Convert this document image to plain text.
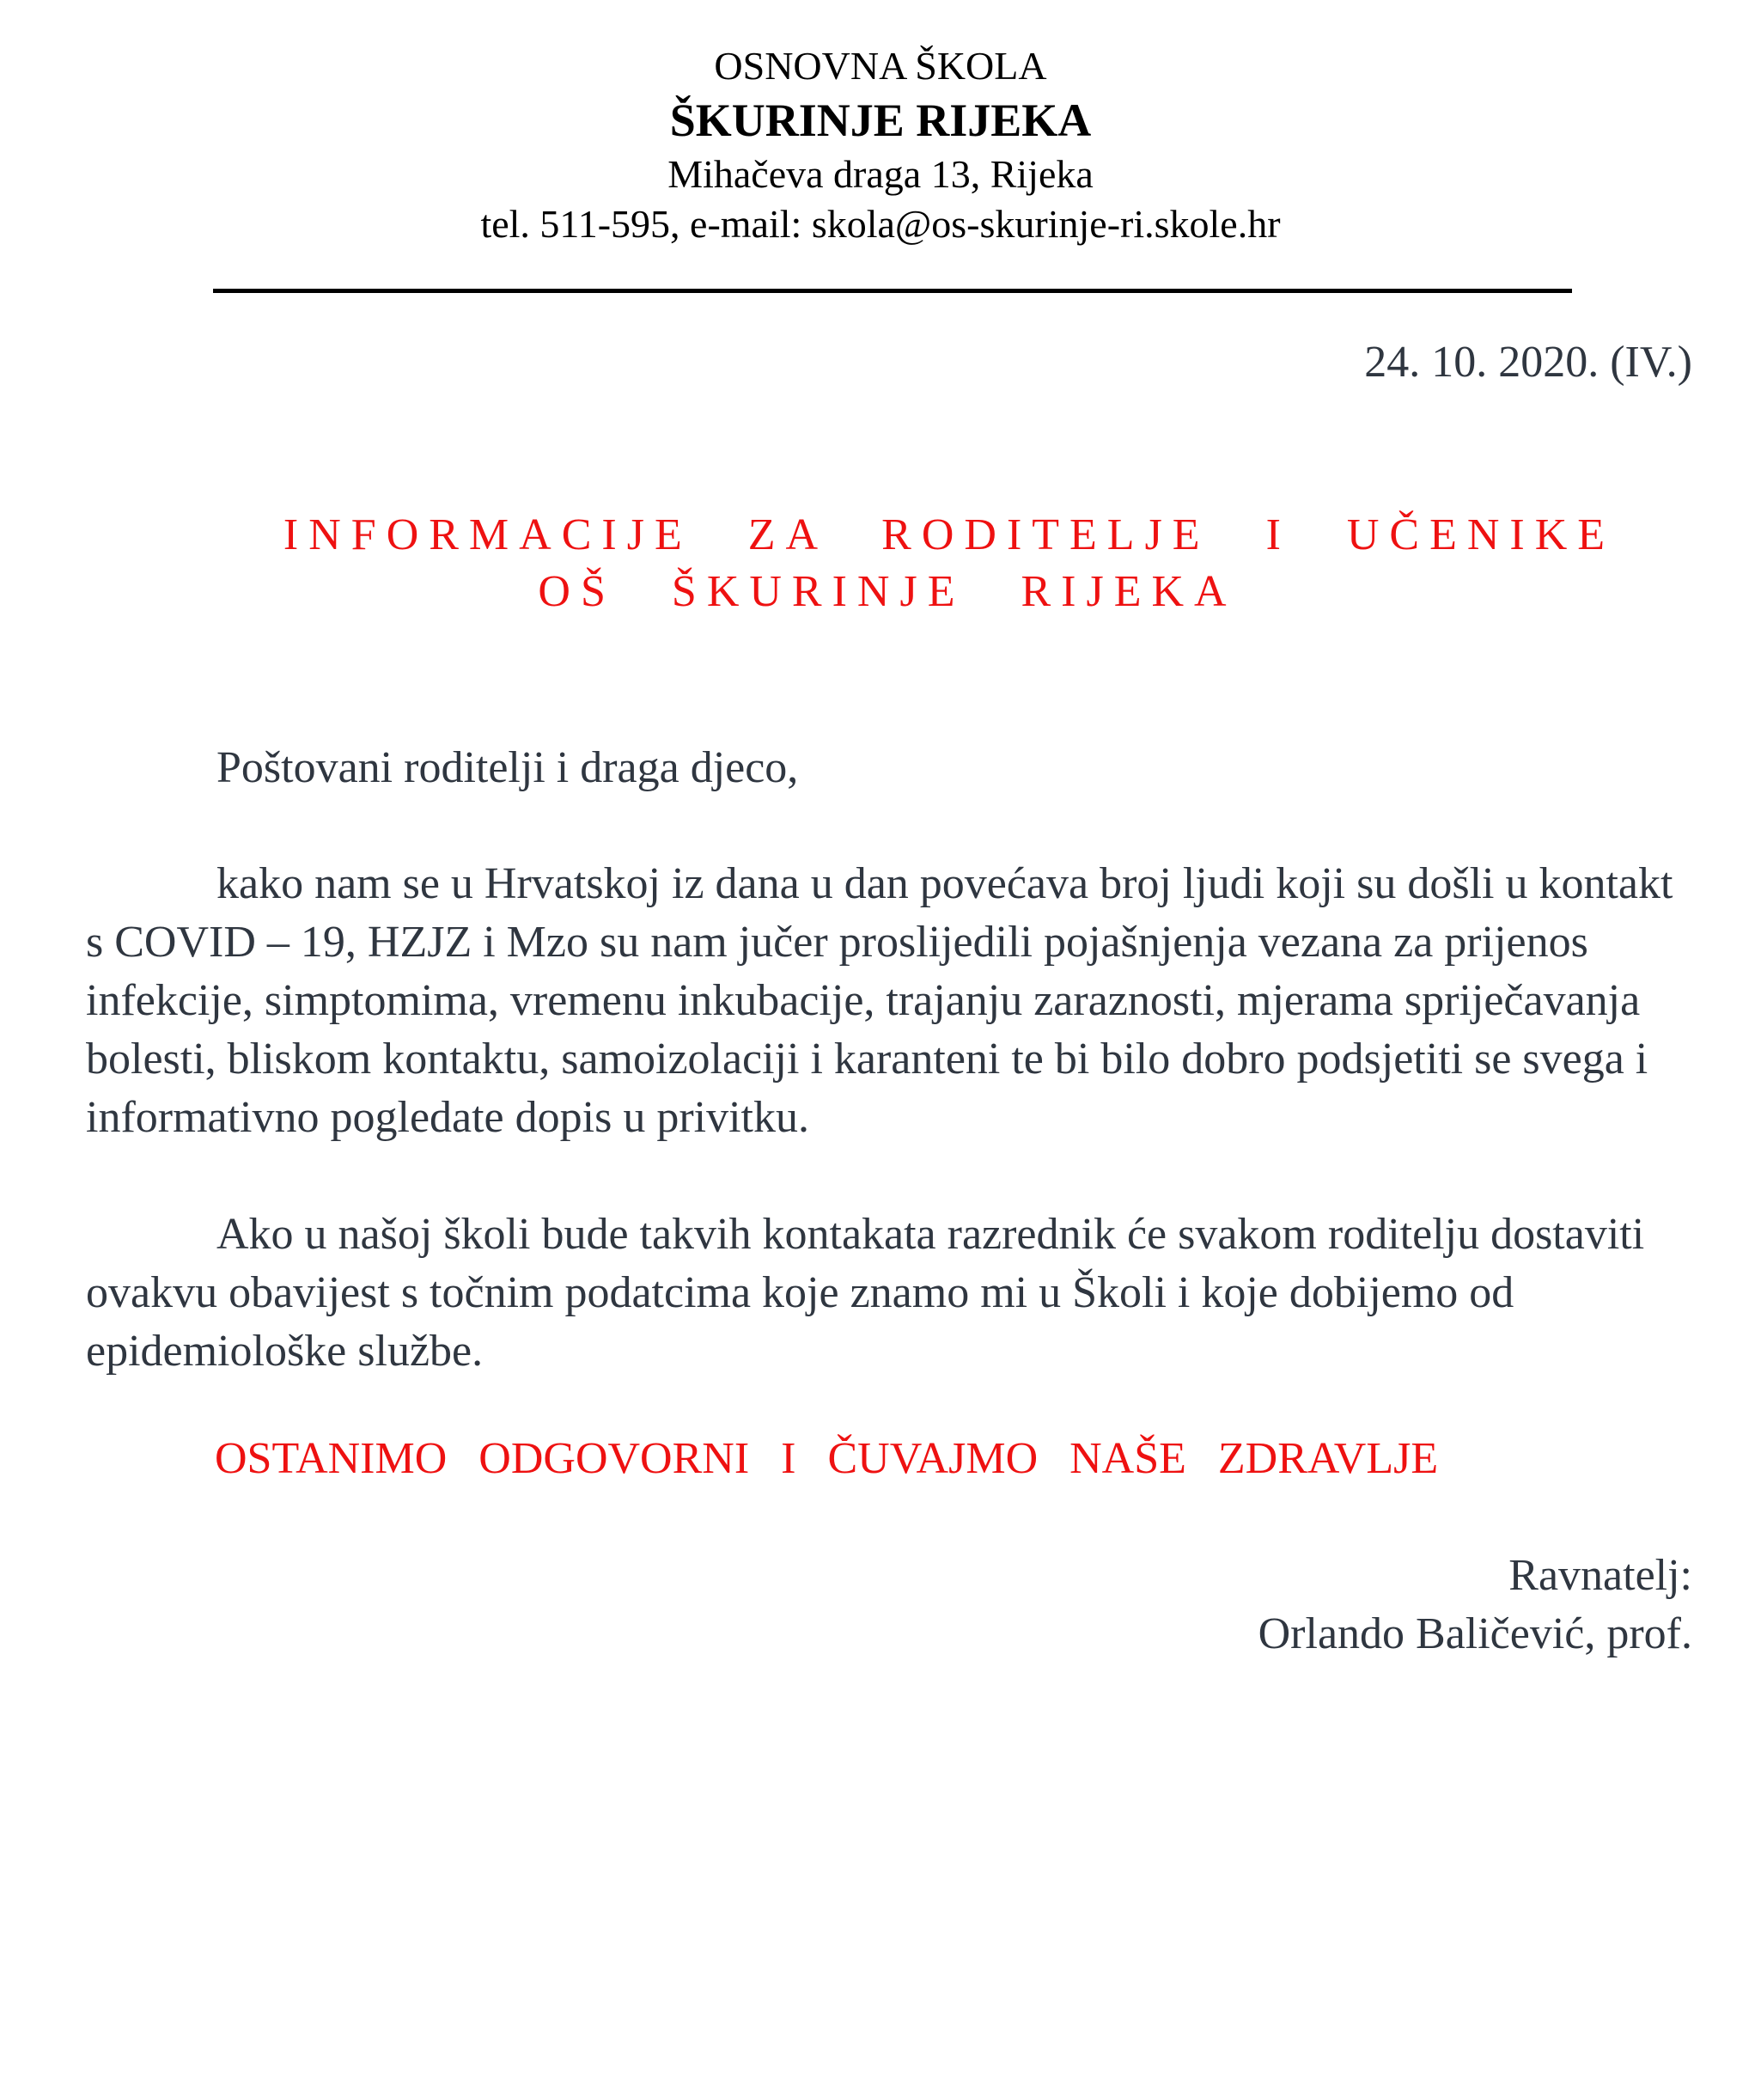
OSNOVNA ŠKOLA
ŠKURINJE RIJEKA
Mihačeva draga 13, Rijeka
tel. 511-595, e-mail: skola@os-skurinje-ri.skole.hr
24. 10. 2020. (IV.)
INFORMACIJE ZA RODITELJE I UČENIKE
OŠ ŠKURINJE RIJEKA
Poštovani roditelji i draga djeco,
kako nam se u Hrvatskoj iz dana u dan povećava broj ljudi koji su došli u kontakt s COVID – 19, HZJZ i Mzo su nam jučer proslijedili pojašnjenja vezana za prijenos infekcije, simptomima, vremenu inkubacije, trajanju zaraznosti, mjerama spriječavanja bolesti, bliskom kontaktu, samoizolaciji i karanteni te bi bilo dobro podsjetiti se svega i informativno pogledate dopis u privitku.
Ako u našoj školi bude takvih kontakata razrednik će svakom roditelju dostaviti ovakvu obavijest s točnim podatcima koje znamo mi u Školi i koje dobijemo od epidemiološke službe.
OSTANIMO ODGOVORNI I ČUVAJMO NAŠE ZDRAVLJE
Ravnatelj:
Orlando Baličević, prof.
